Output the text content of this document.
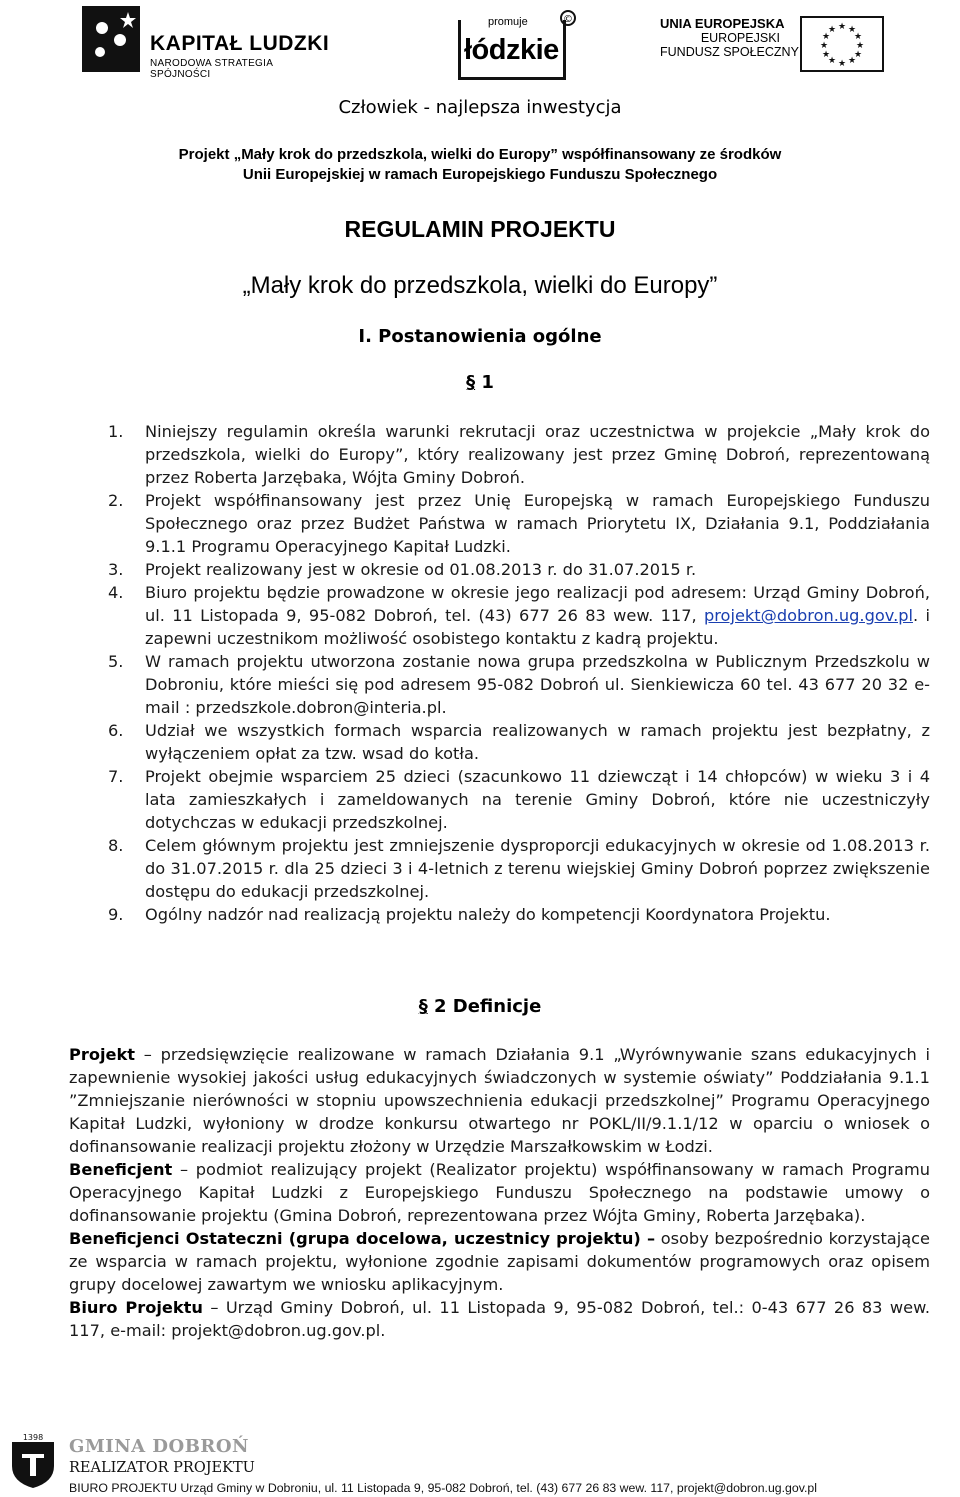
KAPITAŁ LUDZKI
NARODOWA STRATEGIA SPÓJNOŚCI
promuje
łódzkie
©	UNIA EUROPEJSKA
EUROPEJSKI
FUNDUSZ SPOŁECZNY
★ ★
★
★
★
★
★
★
★
★
★
★
Człowiek - najlepsza inwestycja
Projekt „Mały krok do przedszkola, wielki do Europy” współfinansowany ze środków
Unii Europejskiej w ramach Europejskiego Funduszu Społecznego
REGULAMIN PROJEKTU
„Mały krok do przedszkola, wielki do Europy”
I. Postanowienia ogólne
§ 1
1. Niniejszy regulamin określa warunki rekrutacji oraz uczestnictwa w projekcie „Mały krok do przedszkola, wielki do Europy”, który realizowany jest przez Gminę Dobroń, reprezentowaną przez Roberta Jarzębaka, Wójta Gminy Dobroń.
2. Projekt współfinansowany jest przez Unię Europejską w ramach Europejskiego Funduszu Społecznego oraz przez Budżet Państwa w ramach Priorytetu IX, Działania 9.1, Poddziałania 9.1.1 Programu Operacyjnego Kapitał Ludzki.
3. Projekt realizowany jest w okresie od 01.08.2013 r. do 31.07.2015 r.
4. Biuro projektu będzie prowadzone w okresie jego realizacji pod adresem: Urząd Gminy Dobroń, ul. 11 Listopada 9, 95-082 Dobroń, tel. (43) 677 26 83 wew. 117, projekt@dobron.ug.gov.pl. i zapewni uczestnikom możliwość osobistego kontaktu z kadrą projektu.
5. W ramach projektu utworzona zostanie nowa grupa przedszkolna w Publicznym Przedszkolu w Dobroniu, które mieści się pod adresem 95-082 Dobroń ul. Sienkiewicza 60 tel. 43 677 20 32 e-mail : przedszkole.dobron@interia.pl.
6. Udział we wszystkich formach wsparcia realizowanych w ramach projektu jest bezpłatny, z wyłączeniem opłat za tzw. wsad do kotła.
7. Projekt obejmie wsparciem 25 dzieci (szacunkowo 11 dziewcząt i 14 chłopców) w wieku 3 i 4 lata zamieszkałych i zameldowanych na terenie Gminy Dobroń, które nie uczestniczyły dotychczas w edukacji przedszkolnej.
8. Celem głównym projektu jest zmniejszenie dysproporcji edukacyjnych w okresie od 1.08.2013 r. do 31.07.2015 r. dla 25 dzieci 3 i 4-letnich z terenu wiejskiej Gminy Dobroń poprzez zwiększenie dostępu do edukacji przedszkolnej.
9. Ogólny nadzór nad realizacją projektu należy do kompetencji Koordynatora Projektu.
§ 2 Definicje

Projekt – przedsięwzięcie realizowane w ramach Działania 9.1 „Wyrównywanie szans edukacyjnych i zapewnienie wysokiej jakości usług edukacyjnych świadczonych w systemie oświaty” Poddziałania 9.1.1 ”Zmniejszanie nierówności w stopniu upowszechnienia edukacji przedszkolnej” Programu Operacyjnego Kapitał Ludzki, wyłoniony w drodze konkursu otwartego nr POKL/II/9.1.1/12 w oparciu o wniosek o dofinansowanie realizacji projektu złożony w Urzędzie Marszałkowskim w Łodzi.

Beneficjent – podmiot realizujący projekt (Realizator projektu) współfinansowany w ramach Programu Operacyjnego Kapitał Ludzki z Europejskiego Funduszu Społecznego na podstawie umowy o dofinansowanie projektu (Gmina Dobroń, reprezentowana przez Wójta Gminy, Roberta Jarzębaka).

Beneficjenci Ostateczni (grupa docelowa, uczestnicy projektu) – osoby bezpośrednio korzystające ze wsparcia w ramach projektu, wyłonione zgodnie zapisami dokumentów programowych oraz opisem grupy docelowej zawartym we wniosku aplikacyjnym.

Biuro Projektu – Urząd Gminy Dobroń, ul. 11 Listopada 9, 95-082 Dobroń, tel.: 0-43 677 26 83 wew. 117, e-mail: projekt@dobron.ug.gov.pl.

1398 GMINA DOBROŃ
REALIZATOR PROJEKTU
BIURO PROJEKTU Urząd Gminy w Dobroniu, ul. 11 Listopada 9, 95-082 Dobroń, tel. (43) 677 26 83 wew. 117, projekt@dobron.ug.gov.pl
